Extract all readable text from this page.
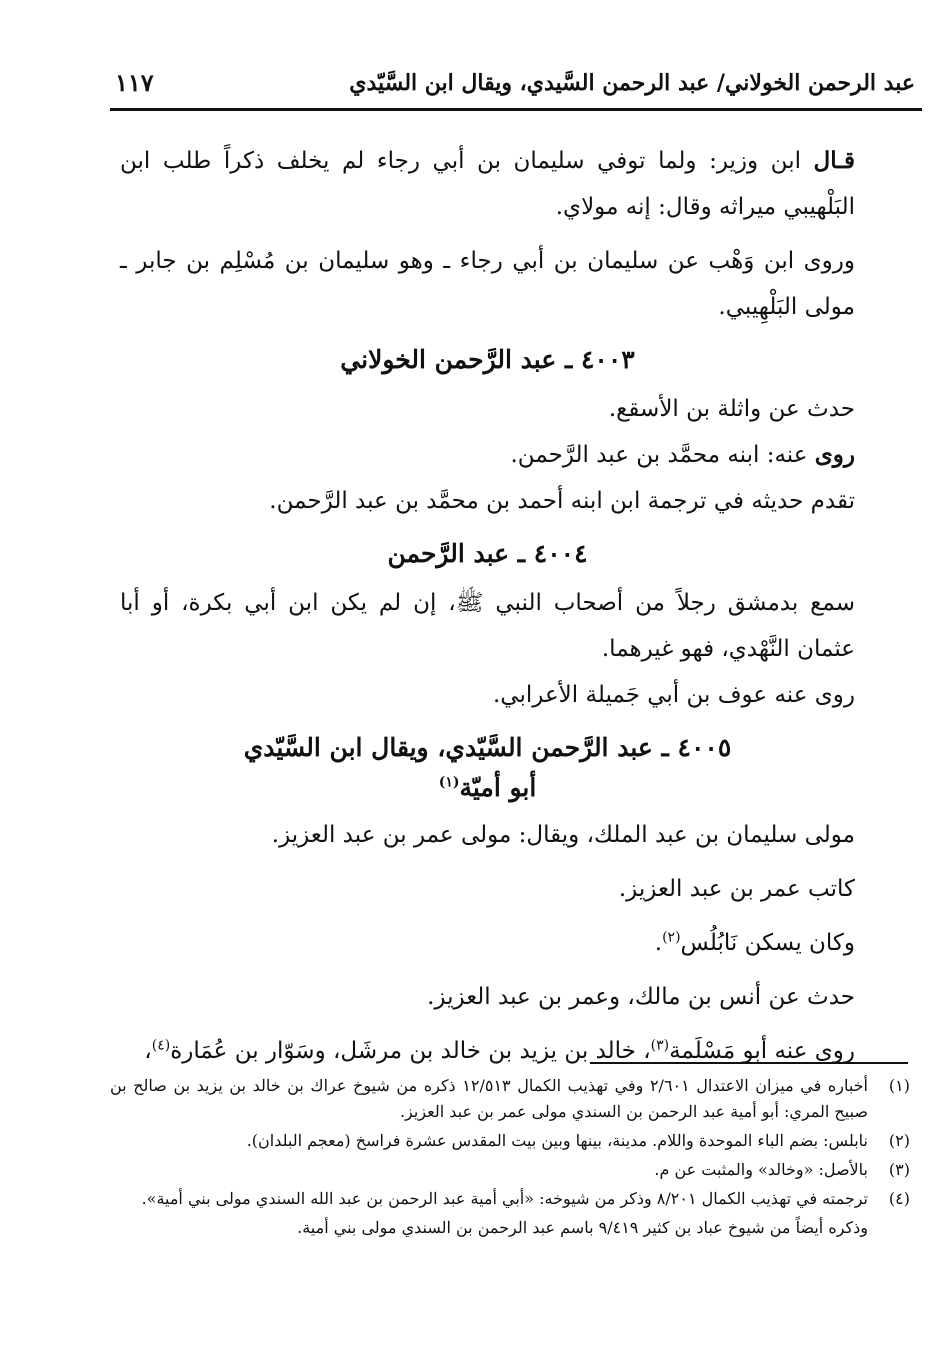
عبد الرحمن الخولاني/ عبد الرحمن السَّيدي، ويقال ابن السَّيّدي
١١٧

قـال ابن وزير: ولما توفي سليمان بن أبي رجاء لم يخلف ذكراً طلب ابن البَلْهيبي ميراثه وقال: إنه مولاي.

وروى ابن وَهْب عن سليمان بن أبي رجاء ـ وهو سليمان بن مُسْلِم بن جابر ـ مولى البَلْهِيبي.

٤٠٠٣ ـ عبد الرَّحمن الخولاني

حدث عن واثلة بن الأسقع.

روى عنه: ابنه محمَّد بن عبد الرَّحمن.

تقدم حديثه في ترجمة ابن ابنه أحمد بن محمَّد بن عبد الرَّحمن.

٤٠٠٤ ـ عبد الرَّحمن

سمع بدمشق رجلاً من أصحاب النبي ﷺ، إن لم يكن ابن أبي بكرة، أو أبا عثمان النَّهْدي، فهو غيرهما.

روى عنه عوف بن أبي جَميلة الأعرابي.

٤٠٠٥ ـ عبد الرَّحمن السَّيّدي، ويقال ابن السَّيّدي
أبو أميّة$^{(١)}$

مولى سليمان بن عبد الملك، ويقال: مولى عمر بن عبد العزيز.

كاتب عمر بن عبد العزيز.

وكان يسكن نَابُلُس$^{(٢)}$.

حدث عن أنس بن مالك، وعمر بن عبد العزيز.

روى عنه أبو مَسْلَمة$^{(٣)}$، خالد بن يزيد بن خالد بن مرشَل، وسَوّار بن عُمَارة$^{(٤)}$،

(١)
أخباره في ميزان الاعتدال ٢/٦٠١ وفي تهذيب الكمال ١٢/٥١٣ ذكره من شيوخ عراك بن خالد بن يزيد بن صالح بن صبيح المري: أبو أمية عبد الرحمن بن السندي مولى عمر بن عبد العزيز.
(٢)
نابلس: بضم الباء الموحدة واللام. مدينة، بينها وبين بيت المقدس عشرة فراسخ (معجم البلدان).
(٣)
بالأصل: «وخالد» والمثبت عن م.
(٤)
ترجمته في تهذيب الكمال ٨/٢٠١ وذكر من شيوخه: «أبي أمية عبد الرحمن بن عبد الله السندي مولى بني أمية».
وذكره أيضاً من شيوخ عباد بن كثير ٩/٤١٩ باسم عبد الرحمن بن السندي مولى بني أمية.
